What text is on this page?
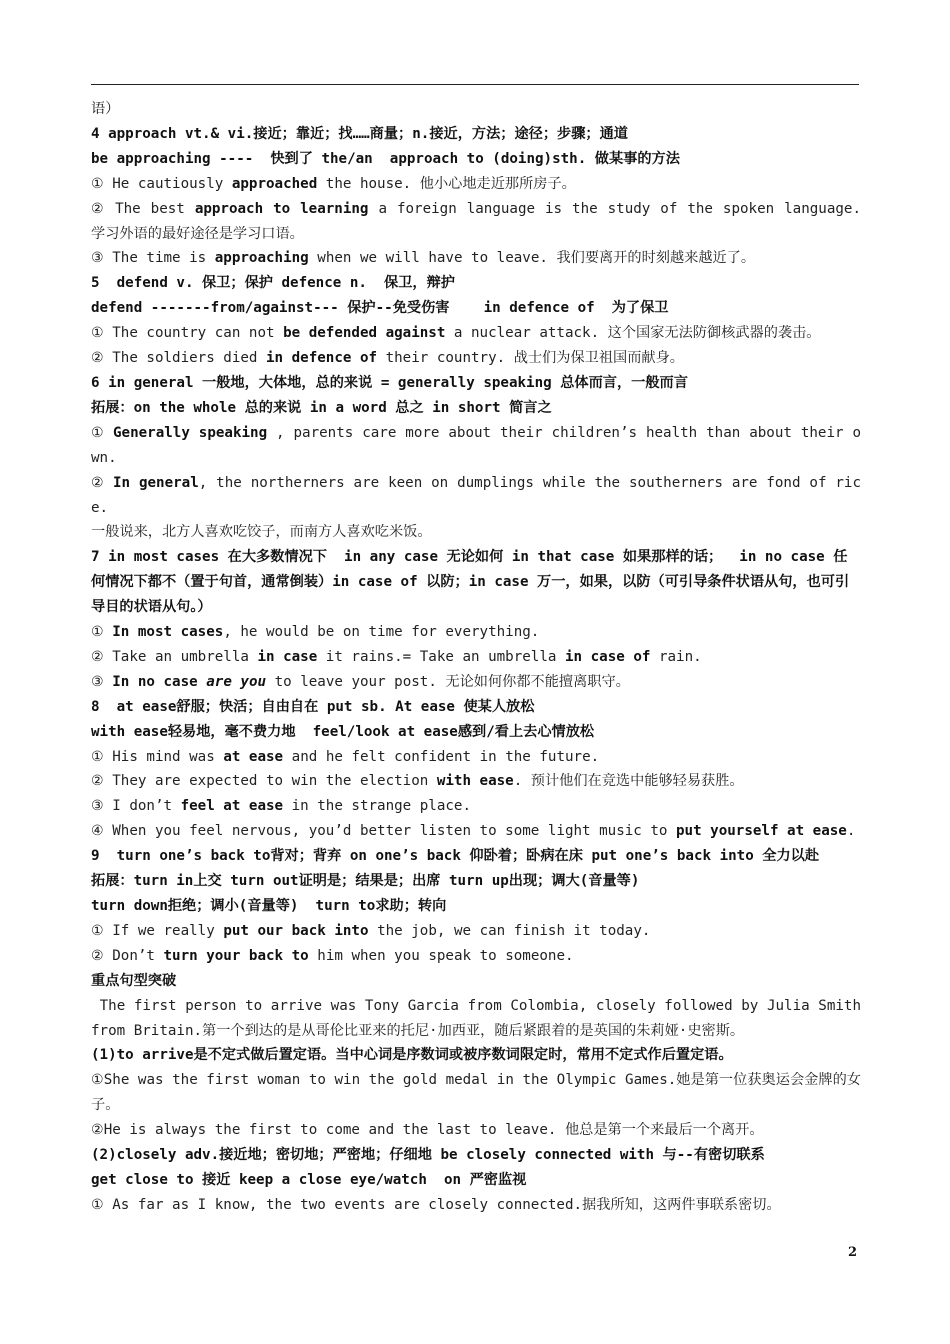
语）
4 approach vt.& vi.接近；靠近；找……商量；n.接近，方法；途径；步骤；通道
be approaching ----  快到了 the/an  approach to (doing)sth. 做某事的方法
① He cautiously approached the house. 他小心地走近那所房子。
② The best approach to learning a foreign language is the study of the spoken language. 学习外语的最好途径是学习口语。
③ The time is approaching when we will have to leave. 我们要离开的时刻越来越近了。
5  defend v. 保卫；保护 defence n.  保卫，辩护
defend -------from/against--- 保护--免受伤害    in defence of  为了保卫
① The country can not be defended against a nuclear attack. 这个国家无法防御核武器的袭击。
② The soldiers died in defence of their country. 战士们为保卫祖国而献身。
6 in general 一般地，大体地，总的来说 = generally speaking 总体而言，一般而言
拓展：on the whole 总的来说 in a word 总之 in short 简言之
① Generally speaking , parents care more about their children’s health than about their own.
② In general, the northerners are keen on dumplings while the southerners are fond of rice.
一般说来，北方人喜欢吃饺子，而南方人喜欢吃米饭。
7 in most cases 在大多数情况下  in any case 无论如何 in that case 如果那样的话；  in no case 任何情况下都不（置于句首，通常倒装）in case of 以防；in case 万一，如果，以防（可引导条件状语从句，也可引导目的状语从句。）
① In most cases, he would be on time for everything.
② Take an umbrella in case it rains.= Take an umbrella in case of rain.
③ In no case are you to leave your post. 无论如何你都不能擅离职守。
8  at ease舒服；快活；自由自在 put sb. At ease 使某人放松
with ease轻易地，毫不费力地  feel/look at ease感到/看上去心情放松
① His mind was at ease and he felt confident in the future.
② They are expected to win the election with ease. 预计他们在竞选中能够轻易获胜。
③ I don’t feel at ease in the strange place.
④ When you feel nervous, you’d better listen to some light music to put yourself at ease.
9  turn one’s back to背对；背弃 on one’s back 仰卧着；卧病在床 put one’s back into 全力以赴
拓展：turn in上交 turn out证明是；结果是；出席 turn up出现；调大(音量等)
turn down拒绝；调小(音量等)  turn to求助；转向
① If we really put our back into the job, we can finish it today.
② Don’t turn your back to him when you speak to someone.
重点句型突破
The first person to arrive was Tony Garcia from Colombia, closely followed by Julia Smith from Britain.第一个到达的是从哥伦比亚来的托尼·加西亚，随后紧跟着的是英国的朱莉娅·史密斯。
(1)to arrive是不定式做后置定语。当中心词是序数词或被序数词限定时，常用不定式作后置定语。
①She was the first woman to win the gold medal in the Olympic Games.她是第一位获奥运会金牌的女子。
②He is always the first to come and the last to leave. 他总是第一个来最后一个离开。
(2)closely adv.接近地；密切地；严密地；仔细地 be closely connected with 与--有密切联系
get close to 接近 keep a close eye/watch  on 严密监视
① As far as I know, the two events are closely connected.据我所知，这两件事联系密切。
2
